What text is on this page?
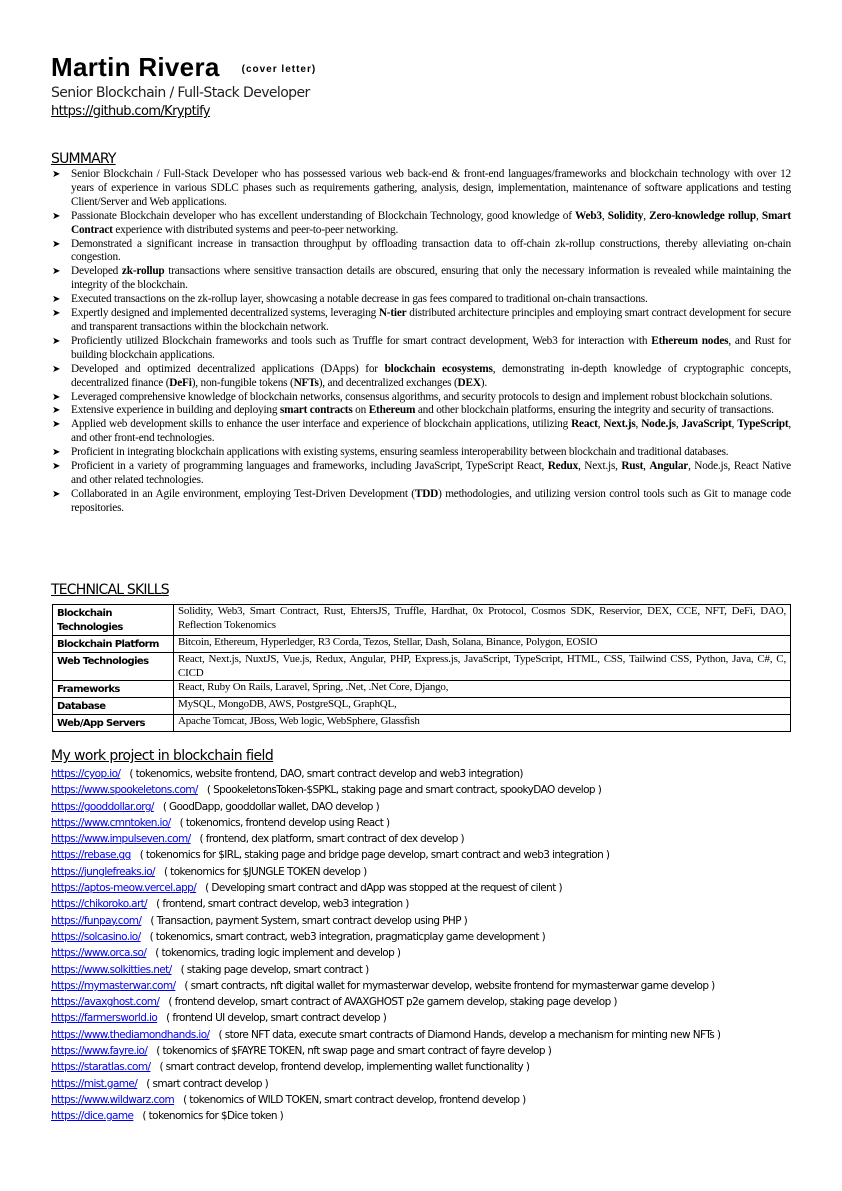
Martin Rivera (cover letter)
Senior Blockchain / Full-Stack Developer
https://github.com/Kryptify
SUMMARY
➤ Senior Blockchain / Full-Stack Developer who has possessed various web back-end & front-end languages/frameworks and blockchain technology with over 12 years of experience in various SDLC phases such as requirements gathering, analysis, design, implementation, maintenance of software applications and testing Client/Server and Web applications.
➤ Passionate Blockchain developer who has excellent understanding of Blockchain Technology, good knowledge of Web3, Solidity, Zero-knowledge rollup, Smart Contract experience with distributed systems and peer-to-peer networking.
➤ Demonstrated a significant increase in transaction throughput by offloading transaction data to off-chain zk-rollup constructions, thereby alleviating on-chain congestion.
➤ Developed zk-rollup transactions where sensitive transaction details are obscured, ensuring that only the necessary information is revealed while maintaining the integrity of the blockchain.
➤ Executed transactions on the zk-rollup layer, showcasing a notable decrease in gas fees compared to traditional on-chain transactions.
➤ Expertly designed and implemented decentralized systems, leveraging N-tier distributed architecture principles and employing smart contract development for secure and transparent transactions within the blockchain network.
➤ Proficiently utilized Blockchain frameworks and tools such as Truffle for smart contract development, Web3 for interaction with Ethereum nodes, and Rust for building blockchain applications.
➤ Developed and optimized decentralized applications (DApps) for blockchain ecosystems, demonstrating in-depth knowledge of cryptographic concepts, decentralized finance (DeFi), non-fungible tokens (NFTs), and decentralized exchanges (DEX).
➤ Leveraged comprehensive knowledge of blockchain networks, consensus algorithms, and security protocols to design and implement robust blockchain solutions.
➤ Extensive experience in building and deploying smart contracts on Ethereum and other blockchain platforms, ensuring the integrity and security of transactions.
➤ Applied web development skills to enhance the user interface and experience of blockchain applications, utilizing React, Next.js, Node.js, JavaScript, TypeScript, and other front-end technologies.
➤ Proficient in integrating blockchain applications with existing systems, ensuring seamless interoperability between blockchain and traditional databases.
➤ Proficient in a variety of programming languages and frameworks, including JavaScript, TypeScript React, Redux, Next.js, Rust, Angular, Node.js, React Native and other related technologies.
➤ Collaborated in an Agile environment, employing Test-Driven Development (TDD) methodologies, and utilizing version control tools such as Git to manage code repositories.
TECHNICAL SKILLS
Blockchain Technologies	Solidity, Web3, Smart Contract, Rust, EhtersJS, Truffle, Hardhat, 0x Protocol, Cosmos SDK, Reservior, DEX, CCE, NFT, DeFi, DAO, Reflection Tokenomics
Blockchain Platform	Bitcoin, Ethereum, Hyperledger, R3 Corda, Tezos, Stellar, Dash, Solana, Binance, Polygon, EOSIO
Web Technologies	React, Next.js, NuxtJS, Vue.js, Redux, Angular, PHP, Express.js, JavaScript, TypeScript, HTML, CSS, Tailwind CSS, Python, Java, C#, C, CICD
Frameworks	React, Ruby On Rails, Laravel, Spring, .Net, .Net Core, Django,
Database	MySQL, MongoDB, AWS, PostgreSQL, GraphQL,
Web/App Servers	Apache Tomcat, JBoss, Web logic, WebSphere, Glassfish
My work project in blockchain field
https://cyop.io/ ( tokenomics, website frontend, DAO, smart contract develop and web3 integration)
https://www.spookeletons.com/ ( SpookeletonsToken-$SPKL, staking page and smart contract, spookyDAO develop )
https://gooddollar.org/ ( GoodDapp, gooddollar wallet, DAO develop )
https://www.cmntoken.io/ ( tokenomics, frontend develop using React )
https://www.impulseven.com/ ( frontend, dex platform, smart contract of dex develop )
https://rebase.gg ( tokenomics for $IRL, staking page and bridge page develop, smart contract and web3 integration )
https://junglefreaks.io/ ( tokenomics for $JUNGLE TOKEN develop )
https://aptos-meow.vercel.app/ ( Developing smart contract and dApp was stopped at the request of cilent )
https://chikoroko.art/ ( frontend, smart contract develop, web3 integration )
https://funpay.com/ ( Transaction, payment System, smart contract develop using PHP )
https://solcasino.io/ ( tokenomics, smart contract, web3 integration, pragmaticplay game development )
https://www.orca.so/ ( tokenomics, trading logic implement and develop )
https://www.solkitties.net/ ( staking page develop, smart contract )
https://mymasterwar.com/ ( smart contracts, nft digital wallet for mymasterwar develop, website frontend for mymasterwar game develop )
https://avaxghost.com/ ( frontend develop, smart contract of AVAXGHOST p2e gamem develop, staking page develop )
https://farmersworld.io ( frontend UI develop, smart contract develop )
https://www.thediamondhands.io/ ( store NFT data, execute smart contracts of Diamond Hands, develop a mechanism for minting new NFTs )
https://www.fayre.io/ ( tokenomics of $FAYRE TOKEN, nft swap page and smart contract of fayre develop )
https://staratlas.com/ ( smart contract develop, frontend develop, implementing wallet functionality )
https://mist.game/ ( smart contract develop )
https://www.wildwarz.com ( tokenomics of WILD TOKEN, smart contract develop, frontend develop )
https://dice.game ( tokenomics for $Dice token )
